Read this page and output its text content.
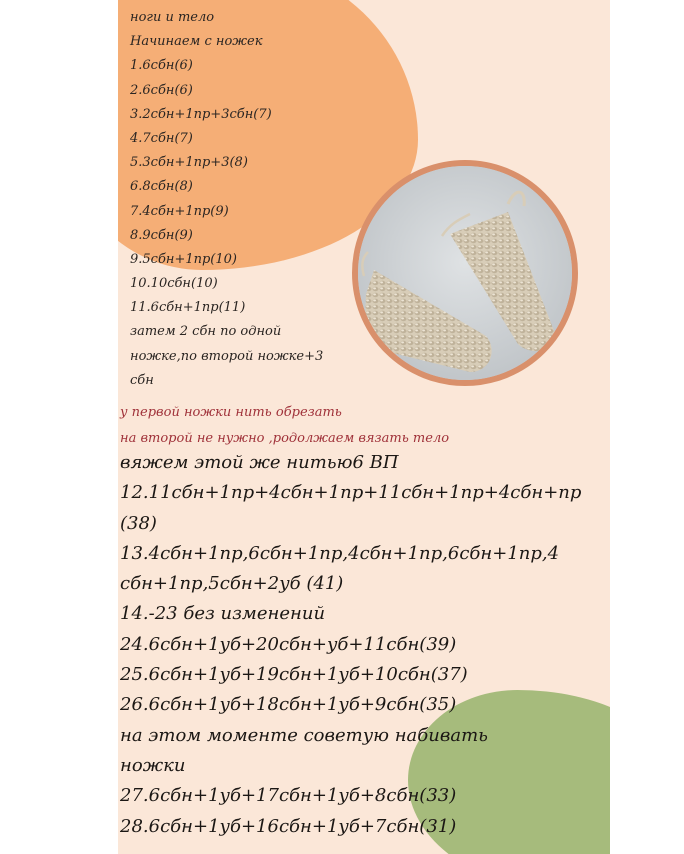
ноги и тело
Начинаем с ножек
1.6сбн(6)
2.6сбн(6)
3.2сбн+1пр+3сбн(7)
4.7сбн(7)
5.3сбн+1пр+3(8)
6.8сбн(8)
7.4сбн+1пр(9)
8.9сбн(9)
9.5сбн+1пр(10)
10.10сбн(10)
11.6сбн+1пр(11)
затем 2 сбн по одной
ножке,по второй ножке+3
сбн
у первой ножки нить обрезать
на второй не нужно ,родолжаем вязать тело
вяжем этой же нитью6 ВП
12.11сбн+1пр+4сбн+1пр+11сбн+1пр+4сбн+пр
(38)
13.4сбн+1пр,6сбн+1пр,4сбн+1пр,6сбн+1пр,4
сбн+1пр,5сбн+2уб (41)
14.-23 без изменений
24.6сбн+1уб+20сбн+уб+11сбн(39)
25.6сбн+1уб+19сбн+1уб+10сбн(37)
26.6сбн+1уб+18сбн+1уб+9сбн(35)
на этом моменте советую набивать
ножки
27.6сбн+1уб+17сбн+1уб+8сбн(33)
28.6сбн+1уб+16сбн+1уб+7сбн(31)
